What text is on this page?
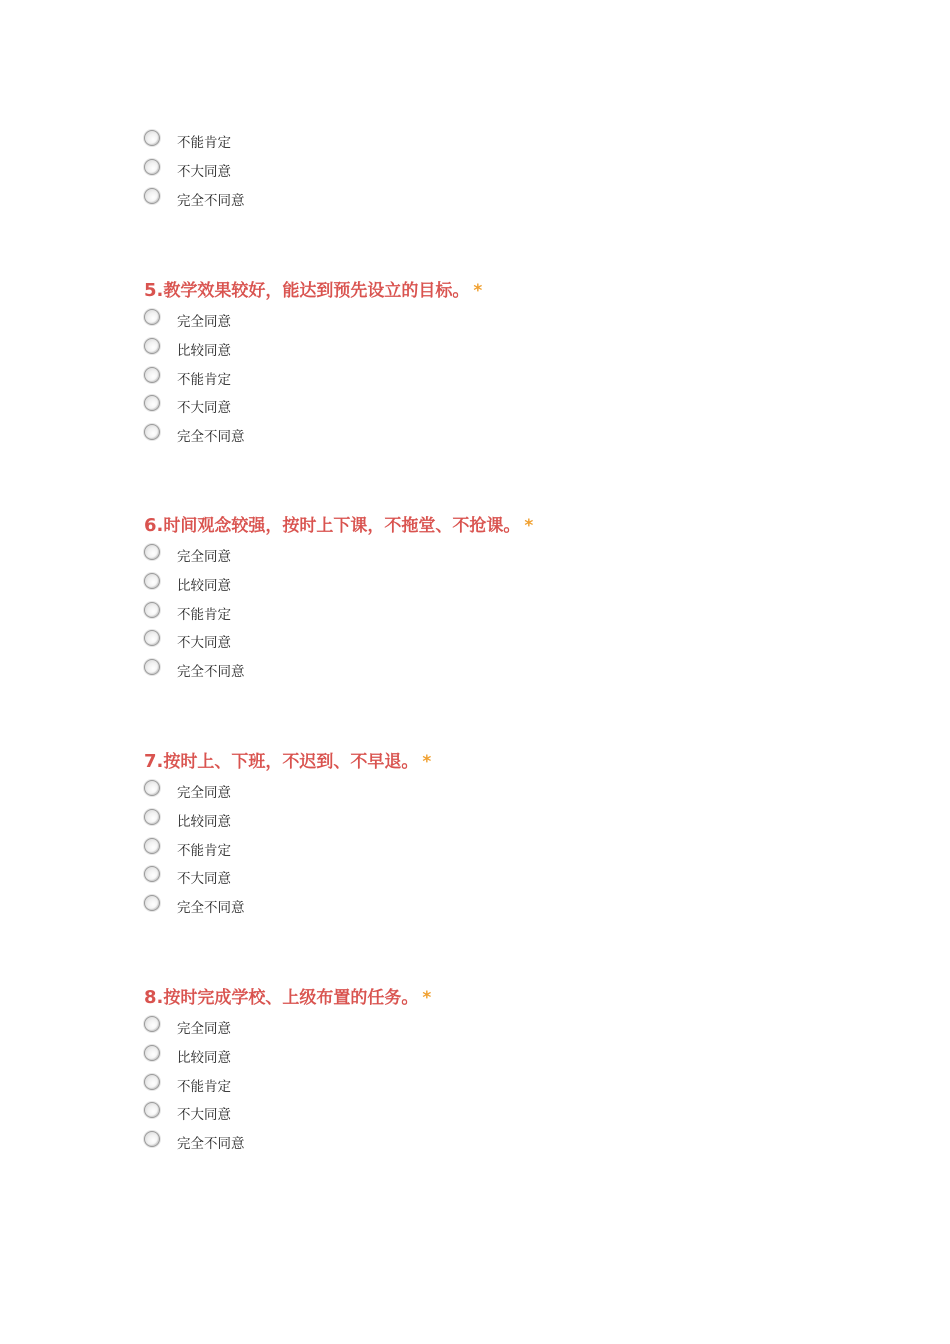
不能肯定
不大同意
完全不同意
5.教学效果较好，能达到预先设立的目标。 *
完全同意
比较同意
不能肯定
不大同意
完全不同意
6.时间观念较强，按时上下课，不拖堂、不抢课。 *
完全同意
比较同意
不能肯定
不大同意
完全不同意
7.按时上、下班，不迟到、不早退。 *
完全同意
比较同意
不能肯定
不大同意
完全不同意
8.按时完成学校、上级布置的任务。 *
完全同意
比较同意
不能肯定
不大同意
完全不同意
